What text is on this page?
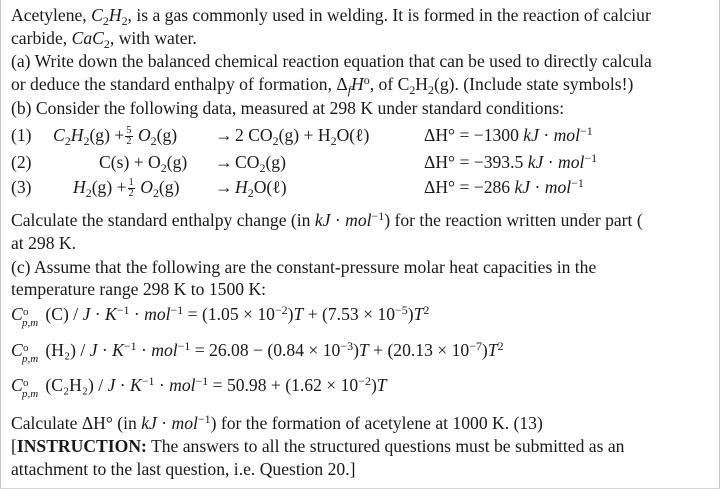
Acetylene, $C_2H_2$, is a gas commonly used in welding. It is formed in the reaction of calciur
carbide, CaC$_2$, with water.
(a) Write down the balanced chemical reaction equation that can be used to directly calcula
or deduce the standard enthalpy of formation, $\Delta_fH^o$, of $C_2H_2(g)$. (Include state symbols!)
(b) Consider the following data, measured at 298 K under standard conditions:
(1) $C_2H_2(g) + \frac{5}{2} O_2(g) \to 2$ $CO_2(g)$ + $H_2O(\ell)$	ΔH° = −1300 kJ · mol$^{-1}$
(2)	$C(s) + O_2(g) \to CO_2(g)$	ΔH° = −393.5 kJ · mol$^{-1}$
(3) $H_2(g) + \frac{1}{2} O_2(g)$ → $H_2O(\ell)$	ΔH° = −286 kJ · mol$^{-1}$
Calculate the standard enthalpy change (in kJ · mol$^{-1}$) for the reaction written under part (
at 298 K.
(c) Assume that the following are the constant-pressure molar heat capacities in the
temperature range 298 K to 1500 K:
C o
p,m $(C) / J \cdot K^{-1} \cdot mol^{-1} = (1.05 \times 10^{-2})T + (7.53 \times 10^{-5})T^2$
C o
p,m $(H_2) / J \cdot K^{-1} \cdot mol^{-1} = 26.08 - (0.84 \times 10^{-3})T + (20.13 \times 10^{-7})T^2$
C o
p,m $(C_2H_2) / J \cdot K^{-1} \cdot mol^{-1} = 50.98 + (1.62 \times 10^{-2})T$
Calculate ΔH° (in kJ · mol$^{-1}$) for the formation of acetylene at 1000 K. (13)
[INSTRUCTION: The answers to all the structured questions must be submitted as an
attachment to the last question, i.e. Question 20.]
